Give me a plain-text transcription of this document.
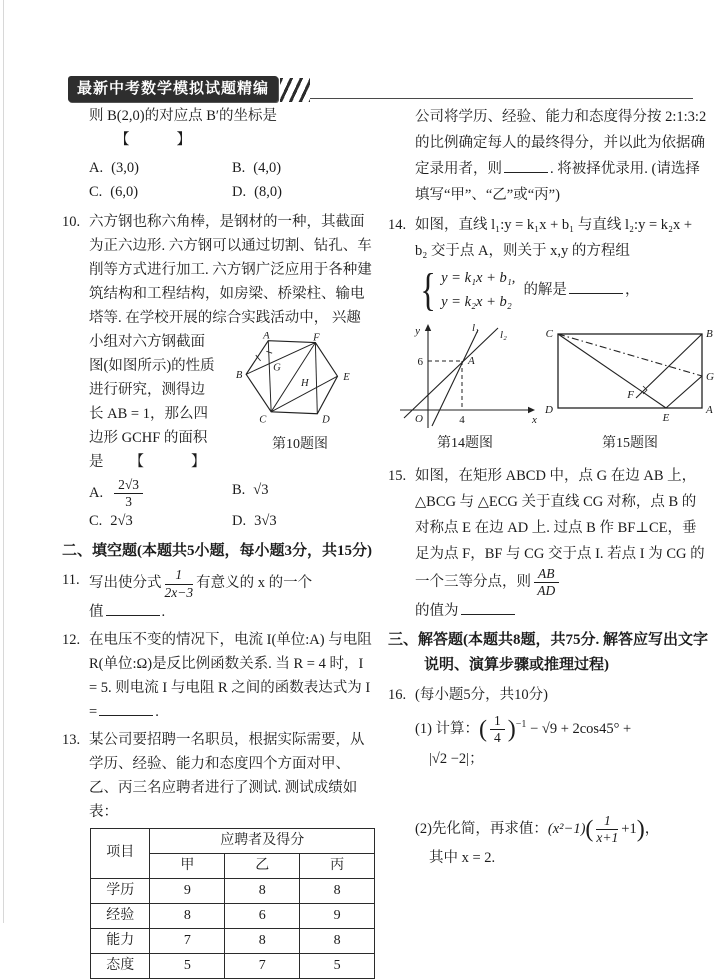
最新中考数学模拟试题精编
则 B(2,0)的对应点 B′的坐标是【　　】
A. (3,0)	B. (4,0)
C. (6,0)	D. (8,0)
10. 六方钢也称六角棒，是钢材的一种，其截面为正六边形. 六方钢可以通过切割、钻孔、车削等方式进行加工. 六方钢广泛应用于各种建筑结构和工程结构，如房梁、桥梁柱、输电塔等. 在学校开展的综合实践活动中，
A	F
E
D
C
B
G
H
第10题图
兴趣小组对六方钢截面图(如图所示)的性质进行研究，测得边长 AB = 1，那么四边形 GCHF 的面积是 【　　】
A. $\frac{2√3}{3}$	B. √3
C. 2√3	D. 3√3
二、填空题(本题共5小题，每小题3分，共15分)
11. 写出使分式 $\frac{1}{2x-3}$ 有意义的 x 的一个
值	.
12. 在电压不变的情况下，电流 I(单位:A) 与电阻 R(单位:Ω)是反比例函数关系. 当 R = 4 时，I = 5. 则电流 I 与电阻 R 之间的函数表达式为 I =	.
13. 某公司要招聘一名职员，根据实际需要，从学历、经验、能力和态度四个方面对甲、乙、丙三名应聘者进行了测试. 测试成绩如表：
项目	应聘者及得分		
	甲	乙	丙
学历	9	8	8
经验	8	6	9
能力	7	8	8
态度	5	7	5
公司将学历、经验、能力和态度得分按 2:1:3:2 的比例确定每人的最终得分，并以此为依据确定录用者，则	. 将被择优录用. (请选择填写“甲”、“乙”或“丙”)
14. 如图，直线 l₁:y = k₁x + b₁ 与直线 l₂:y = k₂x + b₂ 交于点 A，则关于 x,y 的方程组
{ y = k₁x + b₁,
y = k₂x + b₂
的解是	，
y
x
O
6
4
A
l₁
l₂
第14题图
C	B
D	A
G
E
F
第15题图
15. 如图，在矩形 ABCD 中，点 G 在边 AB 上，△BCG 与 △ECG 关于直线 CG 对称，点 B 的对称点 E 在边 AD 上. 过点 B 作 BF⊥CE，垂足为点 F，BF 与 CG 交于点 I. 若点 I 为 CG 的一个三等分点，则 $\frac{AB}{AD}$
的值为
三、解答题(本题共8题，共75分. 解答应写出文字说明、演算步骤或推理过程)
16. (每小题5分，共10分)
(1) 计算：( $\frac{1}{4} )^{-1} - √9 + 2\cos 45^\circ$ +
|√2 −2|；
(2)先化简，再求值：$(x^2-1)( \frac{1}{x+1} +1)$，
其中 x = 2.
